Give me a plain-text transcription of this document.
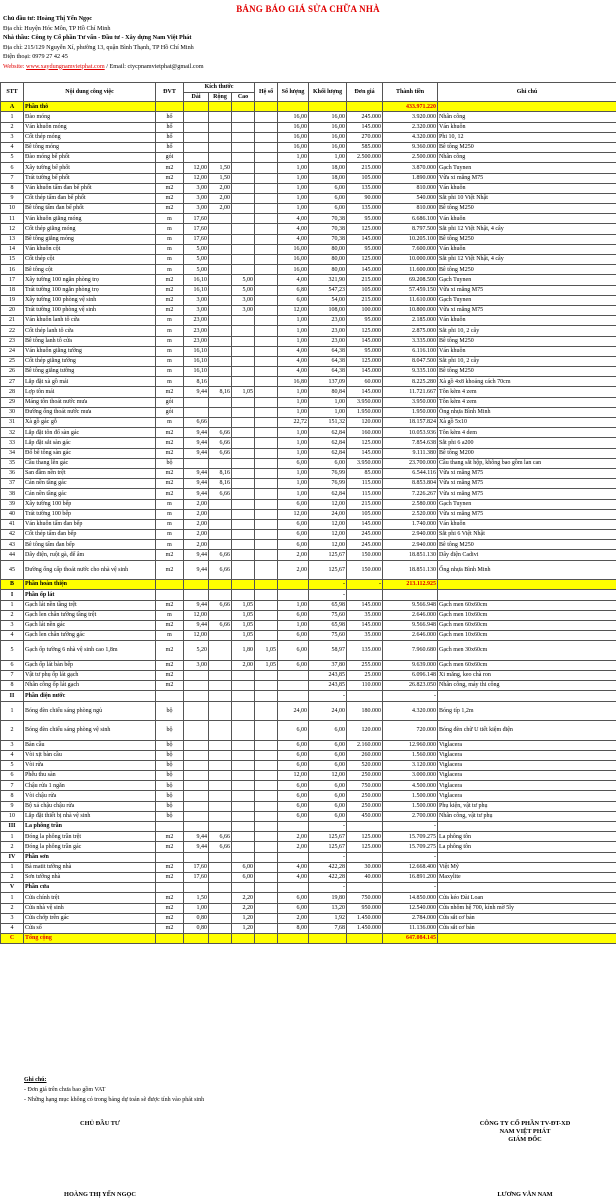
BẢNG BÁO GIÁ SỬA CHỮA NHÀ
Chủ đầu tư: Hoàng Thị Yến Ngọc
Địa chỉ: Huyện Hóc Môn, TP Hồ Chí Minh
Nhà thầu: Công ty Cổ phần Tư vấn - Đầu tư - Xây dựng Nam Việt Phát
Địa chỉ: 215/129 Nguyễn Xí, phường 13, quận Bình Thạnh, TP Hồ Chí Minh
Điện thoại: 0979 27 42 45
Website: www.xaydungnamvietphat.com / Email: ctycpnamvietphat@gmail.com
STT	Nội dung công việc	ĐVT	Kích thước			Hệ số	Số lượng	Khối lượng	Đơn giá	Thành tiền	Ghi chú
			Dài	Rộng	Cao						
A	Phần thô									433.971.220	
1	Đào móng	hố					16,00	16,00	245.000	3.920.000	Nhân công
2	Ván khuôn móng	hố					16,00	16,00	145.000	2.320.000	Ván khuôn
3	Cốt thép móng	hố					16,00	16,00	270.000	4.320.000	Phi 10, 12
4	Bê tông móng	hố					16,00	16,00	585.000	9.360.000	Bê tông M250
5	Đào móng bể phốt	gói					1,00	1,00	2.500.000	2.500.000	Nhân công
6	Xây tường bể phốt	m2	12,00	1,50			1,00	18,00	215.000	3.870.000	Gạch Tuynen
7	Trát tường bể phốt	m2	12,00	1,50			1,00	18,00	105.000	1.890.000	Vữa xi măng M75
8	Ván khuôn tấm đan bể phốt	m2	3,00	2,00			1,00	6,00	135.000	810.000	Ván khuôn
9	Cốt thép tấm đan bể phốt	m2	3,00	2,00			1,00	6,00	90.000	540.000	Sắt phi 10 Việt Nhật
10	Bê tông tấm đan bể phốt	m2	3,00	2,00			1,00	6,00	135.000	810.000	Bê tông M250
11	Ván khuôn giằng móng	m	17,60				4,00	70,38	95.000	6.686.100	Ván khuôn
12	Cốt thép giằng móng	m	17,60				4,00	70,38	125.000	8.797.500	Sắt phi 12 Việt Nhật, 4 cây
13	Bê tông giằng móng	m	17,60				4,00	70,38	145.000	10.205.100	Bê tông M250
14	Ván khuôn cột	m	5,00				16,00	80,00	95.000	7.600.000	Ván khuôn
15	Cốt thép cột	m	5,00				16,00	80,00	125.000	10.000.000	Sắt phi 12 Việt Nhật, 4 cây
16	Bê tông cột	m	5,00				16,00	80,00	145.000	11.600.000	Bê tông M250
17	Xây tường 100 ngăn phòng trọ	m2	16,10		5,00		4,00	321,90	215.000	69.208.500	Gạch Tuynen
18	Trát tường 100 ngăn phòng trọ	m2	16,10		5,00		6,80	547,23	105.000	57.459.150	Vữa xi măng M75
19	Xây tường 100 phòng vệ sinh	m2	3,00		3,00		6,00	54,00	215.000	11.610.000	Gạch Tuynen
20	Trát tường 100 phòng vệ sinh	m2	3,00		3,00		12,00	108,00	100.000	10.800.000	Vữa xi măng M75
21	Ván khuôn lanh tô cửa	m	23,00				1,00	23,00	95.000	2.185.000	Ván khuôn
22	Cốt thép lanh tô cửa	m	23,00				1,00	23,00	125.000	2.875.000	Sắt phi 10, 2 cây
23	Bê tông lanh tô cửa	m	23,00				1,00	23,00	145.000	3.335.000	Bê tông M250
24	Ván khuôn giằng tường	m	16,10				4,00	64,38	95.000	6.116.100	Ván khuôn
25	Cốt thép giằng tường	m	16,10				4,00	64,38	125.000	8.047.500	Sắt phi 10, 2 cây
26	Bê tông giằng tường	m	16,10				4,00	64,38	145.000	9.335.100	Bê tông M250
27	Lắp đặt xà gồ mái	m	8,16				16,80	137,09	60.000	8.225.280	Xà gồ 4x8 khoảng cách 70cm
28	Lợp tôn mái	m2	9,44	8,16	1,05		1,00	80,84	145.000	11.721.667	Tôn kẽm 4 zem
29	Máng tôn thoát nước mưa	gói					1,00	1,00	3.950.000	3.950.000	Tôn kẽm 4 zem
30	Đường ống thoát nước mưa	gói					1,00	1,00	1.950.000	1.950.000	Ống nhựa Bình Minh
31	Xà gồ gác gỗ	m	6,66				22,72	151,32	120.000	18.157.824	Xà gồ 5x10
32	Lắp đặt tôn đổ sàn gác	m2	9,44	6,66			1,00	62,84	160.000	10.053.936	Tôn kẽm 4 dem
33	Lắp đặt sắt sàn gác	m2	9,44	6,66			1,00	62,84	125.000	7.854.638	Sắt phi 6 a200
34	Đổ bê tông sàn gác	m2	9,44	6,66			1,00	62,84	145.000	9.111.380	Bê tông M200
35	Cầu thang lên gác	bộ					6,00	6,00	3.950.000	23.700.000	Cầu thang sắt hộp, không bao gồm lan can
36	San đầm nền trệt	m2	9,44	8,16			1,00	76,99	85.000	6.544.116	Vữa xi măng M75
37	Cán nền tầng gác	m2	9,44	8,16			1,00	76,99	115.000	8.853.804	Vữa xi măng M75
38	Cán nền tầng gác	m2	9,44	6,66			1,00	62,84	115.000	7.226.267	Vữa xi măng M75
39	Xây tường 100 bếp	m	2,00				6,00	12,00	215.000	2.580.000	Gạch Tuynen
40	Trát tường 100 bếp	m	2,00				12,00	24,00	105.000	2.520.000	Vữa xi măng M75
41	Ván khuôn tấm đan bếp	m	2,00				6,00	12,00	145.000	1.740.000	Ván khuôn
42	Cốt thép tấm đan bếp	m	2,00				6,00	12,00	245.000	2.940.000	Sắt phi 6 Việt Nhật
43	Bê tông tấm đan bếp	m	2,00				6,00	12,00	245.000	2.940.000	Bê tông M250
44	Dây điện, ruột gà, đế âm	m2	9,44	6,66			2,00	125,67	150.000	18.851.130	Dây điện Cadivi
45	Đường ống cấp thoát nước cho nhà vệ sinh	m2	9,44	6,66			2,00	125,67	150.000	18.851.130	Ống nhựa Bình Minh
B	Phần hoàn thiện							-	-	213.112.925	
I	Phần ốp lát							-			
1	Gạch lát nền tầng trệt	m2	9,44	6,66	1,05		1,00	65,98	145.000	9.566.948	Gạch men 60x60cm
2	Gạch len chân tường tầng trệt	m	12,00		1,05		6,00	75,60	35.000	2.646.000	Gạch men 10x60cm
3	Gạch lát nền gác	m2	9,44	6,66	1,05		1,00	65,98	145.000	9.566.948	Gạch men 60x60cm
4	Gạch len chân tường gác	m	12,00		1,05		6,00	75,60	35.000	2.646.000	Gạch men 10x60cm
5	Gạch ốp tường 6 nhà vệ sinh cao 1,8m	m2	5,20		1,80	1,05	6,00	58,97	135.000	7.960.680	Gạch men 30x60cm
6	Gạch ốp lát bàn bếp	m2	3,00		2,00	1,05	6,00	37,80	255.000	9.639.000	Gạch men 60x60cm
7	Vật tư phụ ốp lát gạch	m2						243,85	25.000	6.096.148	Xi măng, keo chà ron
8	Nhân công ốp lát gạch	m2						243,85	110.000	26.823.050	Nhân công, máy thi công
II	Phần điện nước							-		-	
1	Bóng đèn chiếu sáng phòng ngủ	bộ					24,00	24,00	180.000	4.320.000	Bóng típ 1,2m
2	Bóng đèn chiếu sáng phòng vệ sinh	bộ					6,00	6,00	120.000	720.000	Bóng đèn chữ U tiết kiệm điện
3	Bàn cầu	bộ					6,00	6,00	2.160.000	12.960.000	Viglacera
4	Vòi xịt bàn cầu	bộ					6,00	6,00	260.000	1.560.000	Viglacera
5	Vòi rửa	bộ					6,00	6,00	520.000	3.120.000	Viglacera
6	Phễu thu sàn	bộ					12,00	12,00	250.000	3.000.000	Viglacera
7	Chậu rửa 1 ngăn	bộ					6,00	6,00	750.000	4.500.000	Viglacera
8	Vòi chậu rửa	bộ					6,00	6,00	250.000	1.500.000	Viglacera
9	Bộ xả chậu chậu rửa	bộ					6,00	6,00	250.000	1.500.000	Phụ kiện, vật tư phụ
10	Lắp đặt thiết bị nhà vệ sinh	bộ					6,00	6,00	450.000	2.700.000	Nhân công, vật tư phụ
III	La phông trần							-		-	
1	Đóng la phông trần trệt	m2	9,44	6,66			2,00	125,67	125.000	15.709.275	La phông tôn
2	Đóng la phông trần gác	m2	9,44	6,66			2,00	125,67	125.000	15.709.275	La phông tôn
IV	Phần sơn							-		-	
1	Bả matit tường nhà	m2	17,60		6,00		4,00	422,28	30.000	12.668.400	Việt Mỹ
2	Sơn tường nhà	m2	17,60		6,00		4,00	422,28	40.000	16.891.200	Maxylite
V	Phần cửa							-		-	
1	Cửa chính trệt	m2	1,50		2,20		6,00	19,80	750.000	14.850.000	Cửa kéo Đài Loan
2	Cửa nhà vệ sinh	m2	1,00		2,20		6,00	13,20	950.000	12.540.000	Cửa nhôm hệ 700, kính mờ 5ly
3	Cửa chớp trên gác	m2	0,80		1,20		2,00	1,92	1.450.000	2.784.000	Cửa sắt cơ bản
4	Cửa sổ	m2	0,80		1,20		8,00	7,68	1.450.000	11.136.000	Cửa sắt cơ bản
C	Tổng cộng									647.084.145	
Ghi chú:
- Đơn giá trên chưa bao gồm VAT
- Những hạng mục không có trong bảng dự toán sẽ được tính vào phát sinh
CHỦ ĐẦU TƯ	CÔNG TY CỔ PHẦN TV-ĐT-XD
NAM VIỆT PHÁT
GIÁM ĐỐC
HOÀNG THỊ YẾN NGỌC	LƯƠNG VĂN NAM
